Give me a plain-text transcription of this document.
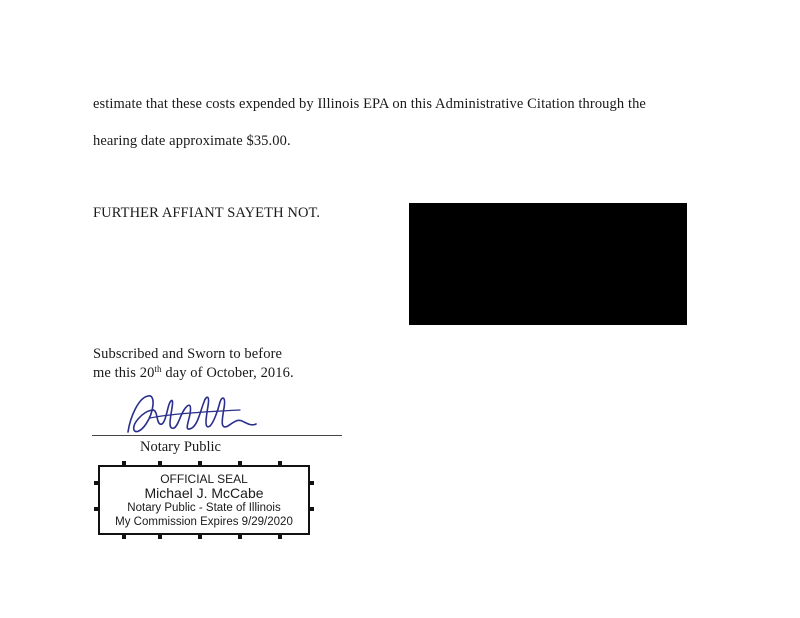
estimate that these costs expended by Illinois EPA on this Administrative Citation through the
hearing date approximate $35.00.
FURTHER AFFIANT SAYETH NOT.
Subscribed and Sworn to before
me this 20th day of October, 2016.
Notary Public
OFFICIAL SEAL
Michael J. McCabe
Notary Public - State of Illinois
My Commission Expires 9/29/2020
